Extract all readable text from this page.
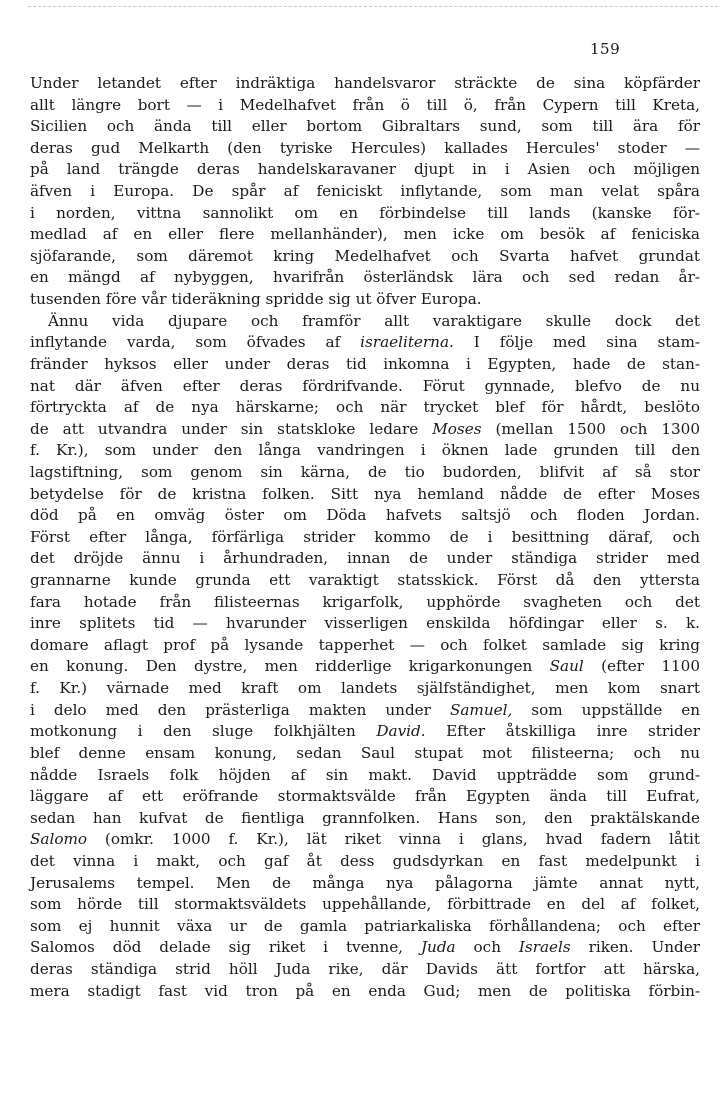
159
Under letandet efter indräktiga handelsvaror sträckte de sina köpfärder
allt längre bort — i Medelhafvet från ö till ö, från Cypern till Kreta,
Sicilien och ända till eller bortom Gibraltars sund, som till ära för
deras gud Melkarth (den tyriske Hercules) kallades Hercules' stoder —
på land trängde deras handelskaravaner djupt in i Asien och möjligen
äfven i Europa. De spår af feniciskt inflytande, som man velat spåra
i norden, vittna sannolikt om en förbindelse till lands (kanske för-
medlad af en eller flere mellanhänder), men icke om besök af feniciska
sjöfarande, som däremot kring Medelhafvet och Svarta hafvet grundat
en mängd af nybyggen, hvarifrån österländsk lära och sed redan år-
tusenden före vår tideräkning spridde sig ut öfver Europa.
Ännu vida djupare och framför allt varaktigare skulle dock det
inflytande varda, som öfvades af israeliterna. I följe med sina stam-
fränder hyksos eller under deras tid inkomna i Egypten, hade de stan-
nat där äfven efter deras fördrifvande. Förut gynnade, blefvo de nu
förtryckta af de nya härskarne; och när trycket blef för hårdt, beslöto
de att utvandra under sin statskloke ledare Moses (mellan 1500 och 1300
f. Kr.), som under den långa vandringen i öknen lade grunden till den
lagstiftning, som genom sin kärna, de tio budorden, blifvit af så stor
betydelse för de kristna folken. Sitt nya hemland nådde de efter Moses
död på en omväg öster om Döda hafvets saltsjö och floden Jordan.
Först efter långa, förfärliga strider kommo de i besittning däraf, och
det dröjde ännu i århundraden, innan de under ständiga strider med
grannarne kunde grunda ett varaktigt statsskick. Först då den yttersta
fara hotade från filisteernas krigarfolk, upphörde svagheten och det
inre splitets tid — hvarunder visserligen enskilda höfdingar eller s. k.
domare aflagt prof på lysande tapperhet — och folket samlade sig kring
en konung. Den dystre, men ridderlige krigarkonungen Saul (efter 1100
f. Kr.) värnade med kraft om landets själfständighet, men kom snart
i delo med den prästerliga makten under Samuel, som uppställde en
motkonung i den sluge folkhjälten David. Efter åtskilliga inre strider
blef denne ensam konung, sedan Saul stupat mot filisteerna; och nu
nådde Israels folk höjden af sin makt. David uppträdde som grund-
läggare af ett eröfrande stormaktsvälde från Egypten ända till Eufrat,
sedan han kufvat de fientliga grannfolken. Hans son, den praktälskande
Salomo (omkr. 1000 f. Kr.), lät riket vinna i glans, hvad fadern låtit
det vinna i makt, och gaf åt dess gudsdyrkan en fast medelpunkt i
Jerusalems tempel. Men de många nya pålagorna jämte annat nytt,
som hörde till stormaktsväldets uppehållande, förbittrade en del af folket,
som ej hunnit växa ur de gamla patriarkaliska förhållandena; och efter
Salomos död delade sig riket i tvenne, Juda och Israels riken. Under
deras ständiga strid höll Juda rike, där Davids ätt fortfor att härska,
mera stadigt fast vid tron på en enda Gud; men de politiska förbin-
